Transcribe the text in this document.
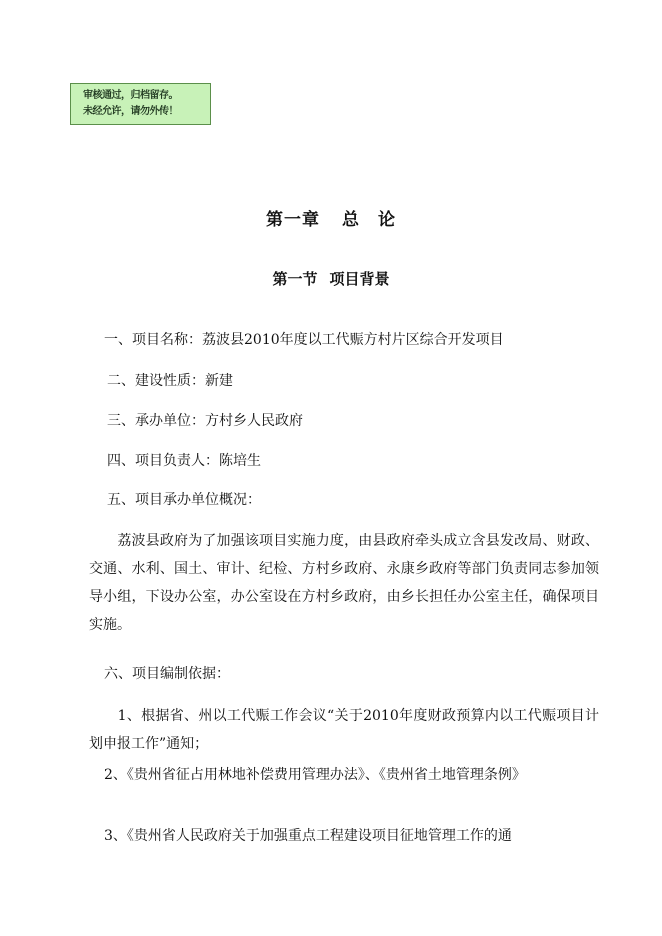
审核通过，归档留存。
未经允许，请勿外传！
第一章 总　论
第一节 项目背景
一、项目名称：荔波县2010年度以工代赈方村片区综合开发项目
二、建设性质：新建
三、承办单位：方村乡人民政府
四、项目负责人：陈培生
五、项目承办单位概况：
　　荔波县政府为了加强该项目实施力度，由县政府牵头成立含县发改局、财政、交通、水利、国土、审计、纪检、方村乡政府、永康乡政府等部门负责同志参加领导小组，下设办公室，办公室设在方村乡政府，由乡长担任办公室主任，确保项目实施。
六、项目编制依据：
　　1、根据省、州以工代赈工作会议“关于2010年度财政预算内以工代赈项目计划申报工作”通知；
2、《贵州省征占用林地补偿费用管理办法》、《贵州省土地管理条例》
3、《贵州省人民政府关于加强重点工程建设项目征地管理工作的通
